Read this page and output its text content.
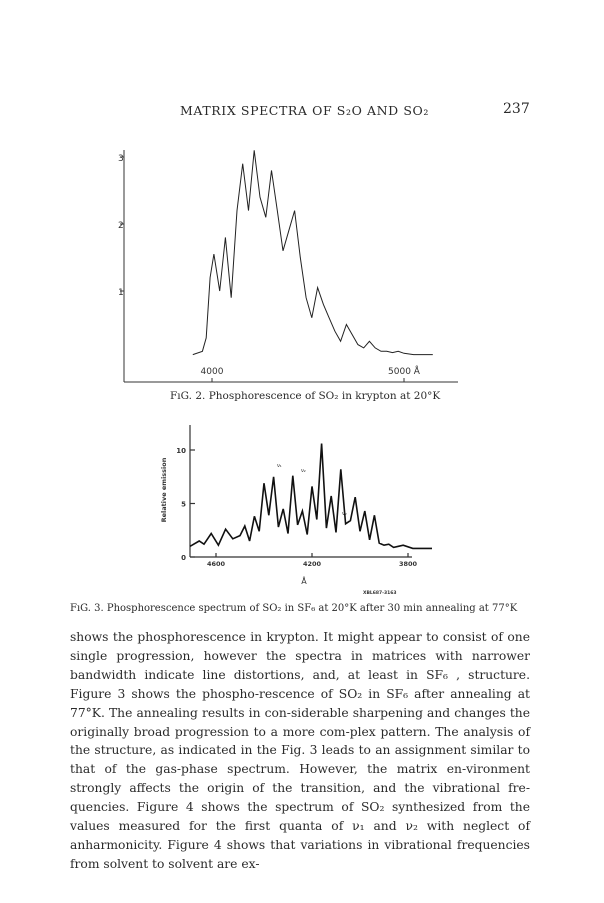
MATRIX SPECTRA OF S₂O AND SO₂	237
1
2
3
4000	5000 Å
Relative emission
0
5
10
4600	4200	3800
Å
ν₁
ν₂
ν₂
XBL687-3163
FıG. 2. Phosphorescence of SO₂ in krypton at 20°K
FıG. 3. Phosphorescence spectrum of SO₂ in SF₆ at 20°K after 30 min annealing at 77°K

shows the phosphorescence in krypton. It might appear to consist of one single progression, however the spectra in matrices with narrower bandwidth indicate line distortions, and, at least in SF₆ , structure. Figure 3 shows the phospho-rescence of SO₂ in SF₆ after annealing at 77°K. The annealing results in con-siderable sharpening and changes the originally broad progression to a more com-plex pattern. The analysis of the structure, as indicated in the Fig. 3 leads to an assignment similar to that of the gas-phase spectrum. However, the matrix en-vironment strongly affects the origin of the transition, and the vibrational fre-quencies. Figure 4 shows the spectrum of SO₂ synthesized from the values measured for the first quanta of ν₁ and ν₂ with neglect of anharmonicity. Figure 4 shows that variations in vibrational frequencies from solvent to solvent are ex-
